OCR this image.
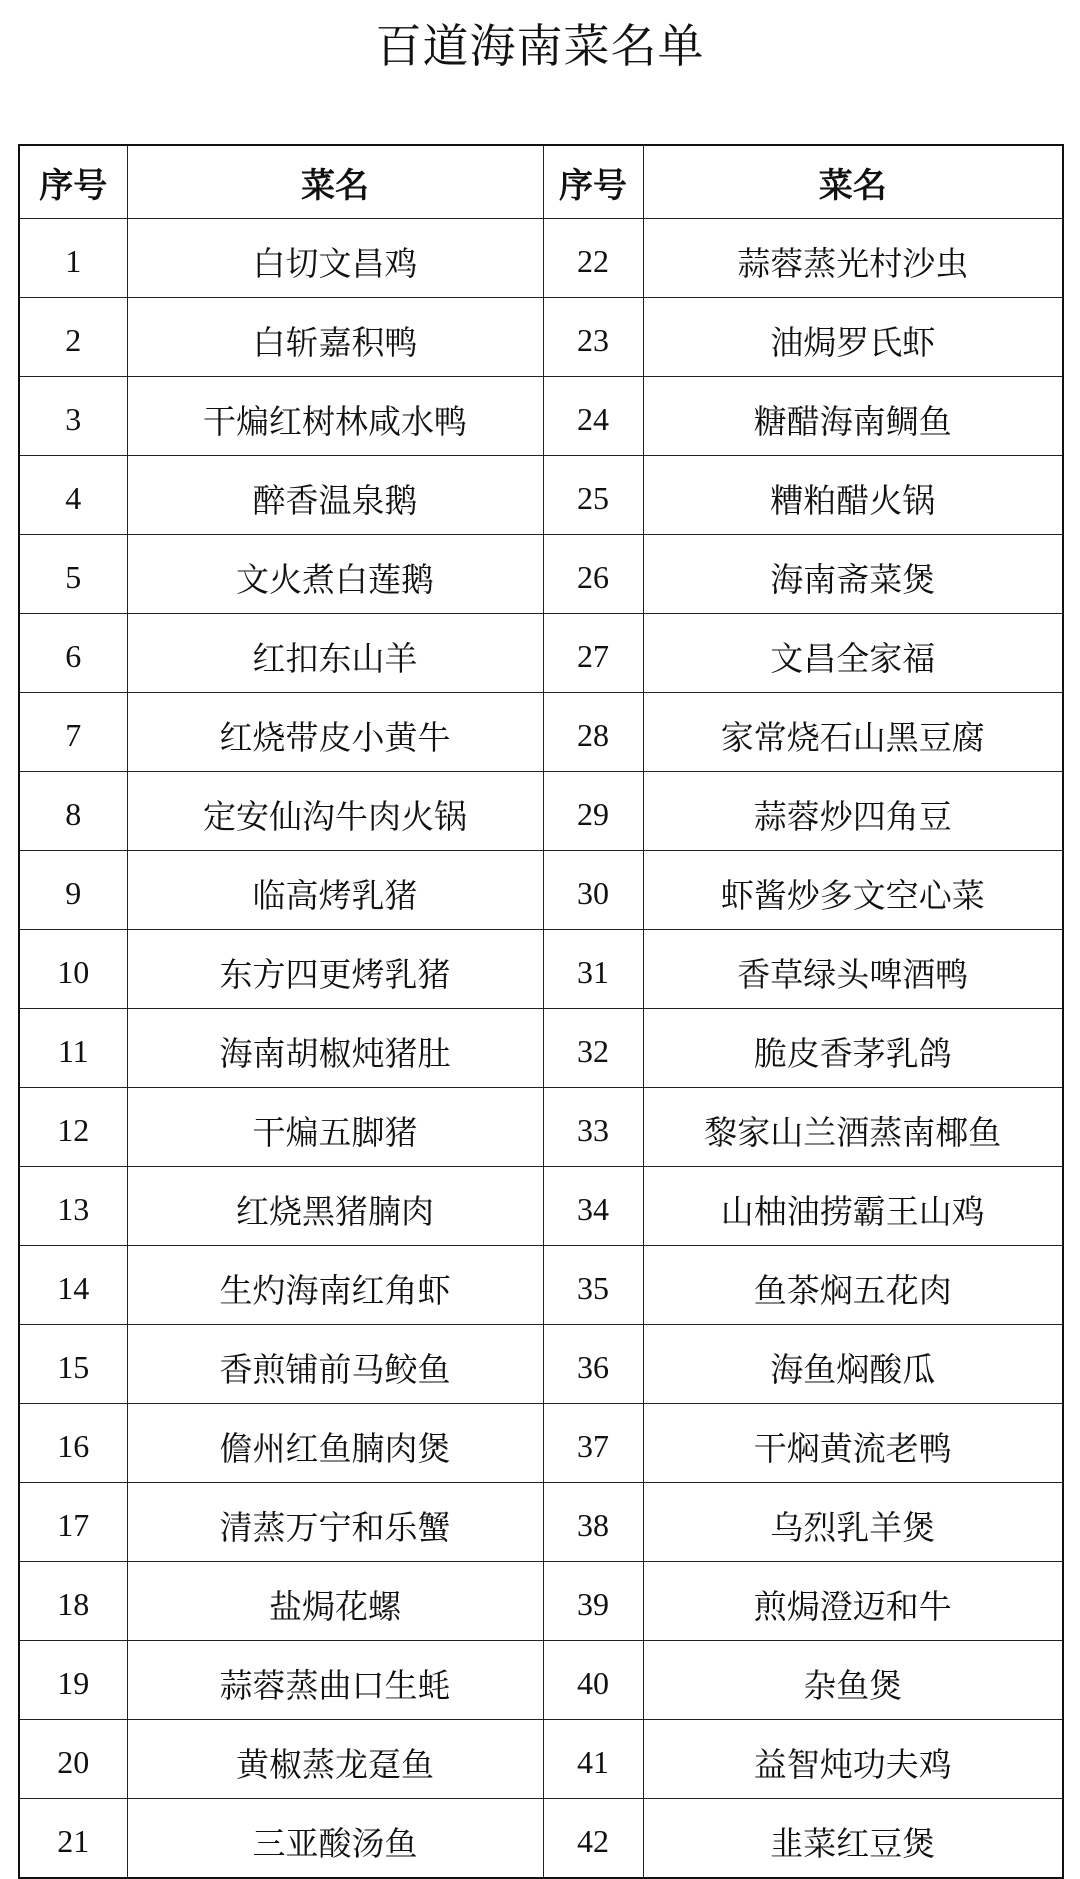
百道海南菜名单
序号	菜名	序号	菜名
1	白切文昌鸡	22	蒜蓉蒸光村沙虫
2	白斩嘉积鸭	23	油焗罗氏虾
3	干煸红树林咸水鸭	24	糖醋海南鲷鱼
4	醉香温泉鹅	25	糟粕醋火锅
5	文火煮白莲鹅	26	海南斋菜煲
6	红扣东山羊	27	文昌全家福
7	红烧带皮小黄牛	28	家常烧石山黑豆腐
8	定安仙沟牛肉火锅	29	蒜蓉炒四角豆
9	临高烤乳猪	30	虾酱炒多文空心菜
10	东方四更烤乳猪	31	香草绿头啤酒鸭
11	海南胡椒炖猪肚	32	脆皮香茅乳鸽
12	干煸五脚猪	33	黎家山兰酒蒸南椰鱼
13	红烧黑猪腩肉	34	山柚油捞霸王山鸡
14	生灼海南红角虾	35	鱼茶焖五花肉
15	香煎铺前马鲛鱼	36	海鱼焖酸瓜
16	儋州红鱼腩肉煲	37	干焖黄流老鸭
17	清蒸万宁和乐蟹	38	乌烈乳羊煲
18	盐焗花螺	39	煎焗澄迈和牛
19	蒜蓉蒸曲口生蚝	40	杂鱼煲
20	黄椒蒸龙趸鱼	41	益智炖功夫鸡
21	三亚酸汤鱼	42	韭菜红豆煲
